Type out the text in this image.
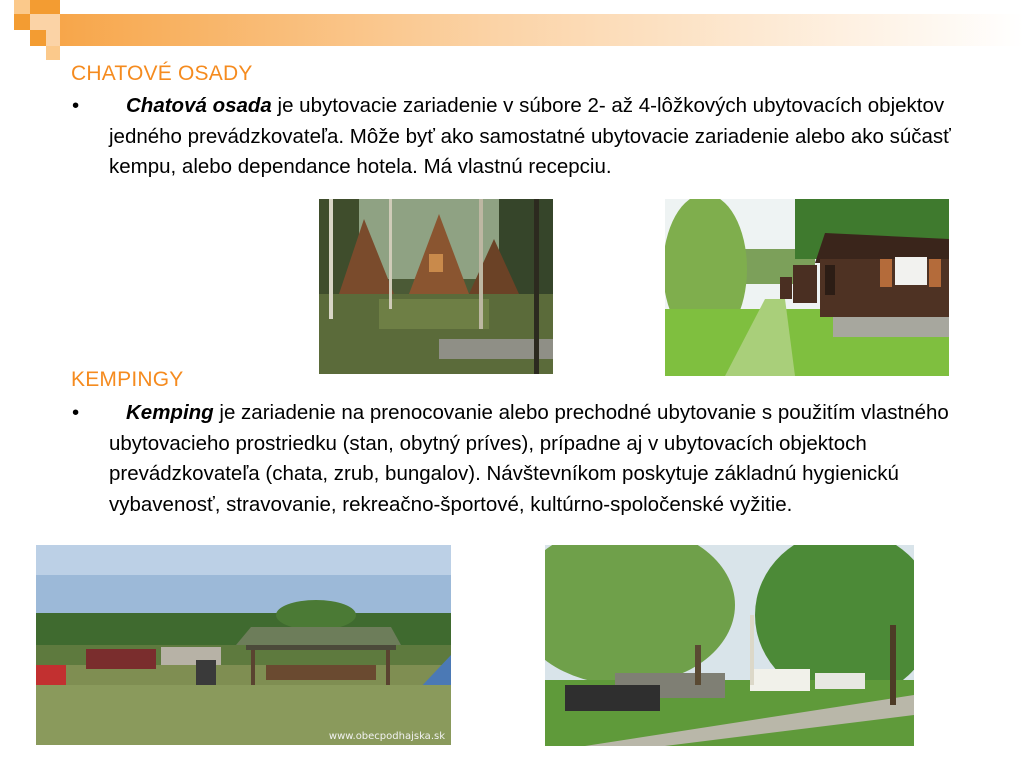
CHATOVÉ OSADY
•	Chatová osada je ubytovacie zariadenie v súbore 2- až 4-lôžkových ubytovacích objektov jedného prevádzkovateľa. Môže byť ako samostatné ubytovacie zariadenie alebo ako súčasť kempu, alebo dependance hotela. Má vlastnú recepciu.
KEMPINGY
•	Kemping je zariadenie na prenocovanie alebo prechodné ubytovanie s použitím vlastného ubytovacieho prostriedku (stan, obytný príves), prípadne aj v ubytovacích objektoch prevádzkovateľa (chata, zrub, bungalov). Návštevníkom poskytuje základnú hygienickú vybavenosť, stravovanie, rekreačno-športové, kultúrno-spoločenské vyžitie.
www.obecpodhajska.sk
